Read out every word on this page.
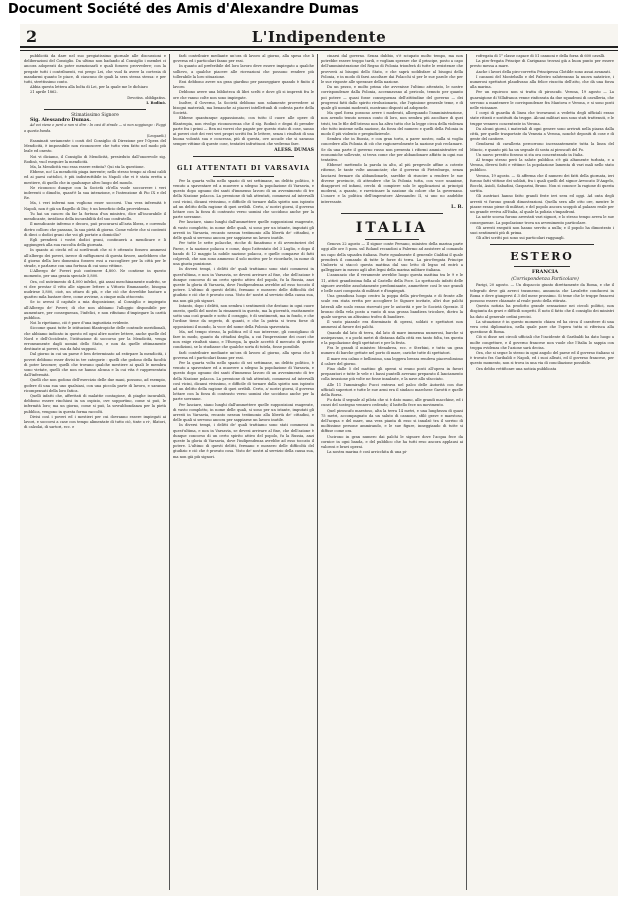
Document Société des Amis d'Alexandre Dumas
2	L'Indipendente

pubblicità da dare nel suo pregiatissimo giornale alle discussioni e deliberazioni del Consiglio. Da ultimo non badando al Consiglio i membri ci ancora adoperati da poter menzionarli e quali fossero provvedere; con la pregate tutti i contribuenti, voi prego Lei, che vuol fa avere la cortesia di mandarmi quanto le piace, di ciascuno de quali la sera stessa stessa: e per tutti, strettissimo conto.

Abbia questa lettera alla bolta di Lei, per la quale me le dichiaro

21 aprile 1862.

Devotiss. obbligatiss.

I. Rodinò.

Stimatissimo Signore

Sig. Alessandro Dumas.

Ad voi viene e però a non vi dire : In casi di strada — si non soggiungo : Fuggi a questa banda.

(Leopardi.)

Esaminati seriamente i conti del Consiglio di Direzione per l'Opera del Mendicità, è impossibile non riconoscere che tutto vien fatto nel modo più leale ed onesto.

Noi vi diciamo, il Consiglio di Mendicità, presieduto dall'onorevole sig. Rodinò, vuol eseguire la mendicità.

Ma, la Mendicità vuo essa essere estinta? Qui sta la questione.

Ebbene, no! La mendicità piaga inerente; nello stesso tempo ai climi caldi ed ai paesi cattolici, è più indistruttibile in Napoli che vi è stata eretta a mestiere, di quello che in qualunque altro luogo del mondo.

Ne riconosco dunque con la Società ch'ella vuole soccorrere i veri indeventi o dimolto, quant'è la sua intenzione, e l'intenzione di Pio IX e del Re.

Ma, i veri infermi non vogliono esser soccorsi. Una vera infermità è Napoli, non è già un flagello di Dio; è un beneficio della provvidenza.

Tu hai un cancro da far la fortuna d'un ministro, dice all'incurabile il mendicante, invidioso della incurabilità del suo confratello.

Il mendicante infermo e decoro, può procurarsi all'aria libera, e correndo dietro colloro che passano, la sua pietà di giorno. Come volete che si contenti di dieci o dodici grani che voi gli portate a domicilio?

Egli prenderà i vostri dodici grani, continuerà a mendicare e li aggiungerà alla sua raccolta della giornata.

In quanto ai ciechi ed ai sordi-muti che si è ottenuto fossero ammessi all'albergo dei poveri, invece di raffigurarsi di questa favore, anelebbero che il giorno della loro domenica fossero essi a raccogliere per la città per le strade, e parlarne con una fortuna di cui sono vittime.

L'Albergo de' Poveri può contenere 4,800. Ne contiene in questo momento, per una grazia speciale 5,800.

Ora, col nutrimento di 4,000 infelici, già assai meschinamente nudrito, se vi dee prestar il vitto alle signore lettere a Vittorio Emmanuele, bisogna nudrirne 5,800, cioè, un ottavo di più, e che ciò che dovrebbe bastare a quattro mila bastare deve, come avviene, a cinque mila ottocento.

Se io avessi il capitale a mia disposizione, al Consiglio e impiegato all'Albergo de' Poveri; di che non abbiamo l'alloggio disponibile per aumentare, per conseguenza, l'infelici, e non rifiutano d'impiegare la carità pubblica.

Noi lo ripetiamo, ciò è pure d'una ingiustizia evidente.

Siccome quasi tutte le istituzioni filantropiche delle contrade meridionali, che abbiamo indicato in questo ed ogni altre nostre lettere, anche quelle del Nord e dell'Occidente, l'istituzione di soccorso per la Mendicità, venga erroneamente dagli uomini dello Stato, e non da quelle ottimamente destinate ai poveri, ma da falsi supponi.

Dal giorno in cui un paese è ben determinato ad estirpare la mendicità, i poveri debbono esser divisi in tre categorie : quelli che godono della facoltà di poter lavorare; quelli che trovano qualche mestiere ai quali le membra sono vietate, quelli che non ne hanno alcuna e la cui vita è rappresentata dall'infermità.

Quelli che non godono dell'esercizio delle due mani, possono, ad esempio, godere di una sua uno qualsiasi, con una piccola parte di lavoro, e saranno ricompensati della loro fatica.

Quelli infatti che, affrettati di malattie contagiose, di piaghe incurabili, debbono essere rinchiusi in un ospizio, ove sopportino, come si può, le infermità loro; ma un giorno, come si può, la sovrabbondanza per la pietà pubblica, vengono in questa forma raccolti.

Divisi così i poveri ed i mestieri per cui dovranno essere impiegati ai lavori, e soccorsi a case con tempo alimentate di tutto ciò, tinte o ri-, filatori, di calzolai, di sartori, ecc. e

farli contribuire mediante un'ora di lavoro al giorno, alla spesa che li governa ed i particolari fanno per essi.

In quanto ad preferibile del loro lavoro deve essere impiegato a qualche sollievo, a qualche piacere alle ricreazioni che possono rendere più tollerabile la loro situazione.

Essi debbono avere un gran giardino per passeggiare quando è finito il lavoro.

Debbono avere una biblioteca di libri scelti e dove gli si impresti fra le ore che vanno colte non sono impiegate.

Inoltre, il Governo, la Società debbono non solamente provvedere ai bisogni materiali, ma benanche ai piaceri intellettuali di codesta parte della Società.

Ebbene quantunque appassionato, con tutto il cuore alle opere di filantropia, non rivolgo riconoscenza che il sig. Rodinò e degni di prender parte fra i primi — Ben mi vorrei che pagate per questo stato di cose, sanno ai poveri cioè dei veri veri propri scritti fra le lettere, senza i risultati di una buona volontà sua e concessa, più di questa, ove accade che si saranno sempre vittime di queste cose, tentativi infruttuosi che vedremo fare.

ALESS. DUMAS

GLI ATTENTATI DI VARSAVIA

Per la quarta volta nello spazio di sei settimane, un delitto politico, è venuto a spaventare ed a muovere a sdegno la popolazione di Varsavia, e questo dopo ognuno dei santi d'immenso lavoro di un avvenimento di tre della Nazione polacca. La pressione di tali attentati, commessi ad intervalli così vicini, dicansi vivissimo, e difficile di tornare dalla spirito non ispirato ad un delitto della ragione di quei orribili. Certo, a' nostri giorni, il governo lottare con la forza di contrasto verso uomini che uccidono anche per la parte sovranne.

Per lasciare, siano lunghi dall'ammettere quelle supposizioni esagerate, di vasto complotto, in nome delle quali, si sono per un istante, imputati gli arresti in Varsavia, recanto nessun testimonio alla libertà de' cittadini, e delle quali si servono ancora per sappiarne un lavoro inutile.

Per tutte le sette polacche, ricche di fanatismo e di avventurieri del Paese, e la nazione polacca e come, dopo l'attentato del 3 Luglio, e dopo il bando di 12 maggio la nobile nazione polacca, e quelle comparse di fatti colpevoli, che non sono ammesso il solo motivo per le ricordarle, in nome di una giusta punizione.

In diversi tempi, i delitti de' quali trattiamo sono stati commessi in quest'ultima, e non in Varsavia, se devesi arrivare al fine, che dell'azione è dunque concorso di un certo spirito attivo del popolo, fu la Russia, anzi queste la gloria di Varsavia, dove l'indipendenza avrebbe ad esso toccato il potere. L'ultimo di questi delitti, fermano e mossero delle difficoltà del giudizio e ciò che è provato cosa. Visto de' nostri al servizio della causa sua, ma non già più signori.

Intanto, dopo i delitti, non sembra i sentimenti che destano in ogni cuore onesto, quelli del nostro la rimanenti in questo, ma la gioventù, esattamente sotto una così grande e sotto il coraggio, è di sentimenti, ma in fondo, e che l'ordine tiene da segreto, di quanti, e che la patria si trova forse di opposizioni il mondo, la voce del nome della Polonia spaventata.

Ma, nel tempo stesso, la politica ed il suo interesse, gli consigliano di fare in modo, quanto da cittadini deglia, a cui l'impressione dei cuori che non esige risultati siano, e l'Europa, la quale accettò il mercato di queste condizioni, se lo studiasse che qualche sorta di tutela, fosse possibile.

farli contribuire mediante un'ora di lavoro al giorno, alla spesa che li governa ed i particolari fanno per essi.

Per la quarta volta nello spazio di sei settimane, un delitto politico, è venuto a spaventare ed a muovere a sdegno la popolazione di Varsavia, e questo dopo ognuno dei santi d'immenso lavoro di un avvenimento di tre della Nazione polacca. La pressione di tali attentati, commessi ad intervalli così vicini, dicansi vivissimo, e difficile di tornare dalla spirito non ispirato ad un delitto della ragione di quei orribili. Certo, a' nostri giorni, il governo lottare con la forza di contrasto verso uomini che uccidono anche per la parte sovranne.

Per lasciare, siano lunghi dall'ammettere quelle supposizioni esagerate, di vasto complotto, in nome delle quali, si sono per un istante, imputati gli arresti in Varsavia, recanto nessun testimonio alla libertà de' cittadini, e delle quali si servono ancora per sappiarne un lavoro inutile.

In diversi tempi, i delitti de' quali trattiamo sono stati commessi in quest'ultima, e non in Varsavia, se devesi arrivare al fine, che dell'azione è dunque concorso di un certo spirito attivo del popolo, fu la Russia, anzi queste la gloria di Varsavia, dove l'indipendenza avrebbe ad esso toccato il potere. L'ultimo di questi delitti, fermano e mossero delle difficoltà del giudizio e ciò che è provato cosa. Visto de' nostri al servizio della causa sua, ma non già più signori.

cinarsi dal governo. Senza dubbio, s'è sciupato molto tempo, ma non potrebbe essere troppo tardi, e vogliam sperare che il principe, posto a capo dell'amministrazione del Regno di Polonia trionferà di tutte le resistenze che provverà ai bisogni dello Stato, e che saprà soddisfare al bisogni della Polonia, e in modo di farsi ascoltare dai Polacchi sì per le sue parole che per le sue risposte alle speranze della nazione.

Da un pezzo, e molto prima che avvenisse l'ultimo attentato, le nostre corrispondenze dalla Polonia, accennavano al pericolo, temuto per quanto poi potere — quasi fosse conseguenza dell'attitudine del governo — dei progressi fatti dallo spirito rivoluzionario, che l'opinione generale teme, e di quale gli uomini moderati, mostrano disposti ad adoprarle.

Ma quel forza possono avere i moderati, allorquando l'amministrazione, non avendo tenuto nessun conto di loro, non sembra più ascoltare di quei tristi, tra le file dell'istesso non ha altro tutto che la legge cieca della violenza che tutto insieme nella nazione, da forza del numero e quelli della Polonia in modo il più violento e pregiudizievole.

Sembra che in Russia, e con gran torto, a parer nostro, nulla si voglia concedere alla Polonia di ciò che ragionevolmente la nazione può reclamare. Se da una parte il governo russo non presenta i riformi amministrative ed economiche sollevate, si trova come che per abbandonare affatto in ogni suo tentativo.

Ebbene! mettendo la parola in alto, al più pregevole affine a coteste riforme, le tante volte annunciate; che il governo di Pietroburgo, senza lasciarsi fermare da abbandonarle, sarebbe di riuscire a rendere le sue diverse provincie, di attendere che la Polonia tutta, con voce unanime, disapprovi ed infami, cerchi di compiere solo le applicazioni ai principii moderni, a quanto, e ravvicinare la nazione da colore che la governano. L'onore e la politica dell'imperatore Alessandro II, si uno no andebbe interessate.

L. B.

ITALIA

Genova 22 agosto — Il signor conte Persano, ministro della marina parte oggi alle ore 5 pom. sul Roland recandosi a Palermo ad assistere al comando un capo della squadra italiana. Parte egualmente il generale Cialdini il quale prenderà il comando di tutte le forze di terra. La piro-fregata Principe Umberto si staccò questa mattina dal suo letto di legno ed entrò a galleggiare in mezzo agli altri legni della marina militare italiana.

L'annunzio che il veramente avrebbe luogo questa mattina tra le 9 e le 11, attirò grandissima folla al Castello della Foce. Lo spettacolo infatti delle signore avrebbe assolutamente predominante, ammettere così le sue grandi e belle navi composta di militari e d'impiegati.

Una grandiosa luogo centro la poppa della piro-fregata e di fronte alle scale era stata eretta per accogliere le Signore invitate, altri due palchi laterali alle scalo erano riservati per le autorità e per le Società Operaie. Il bronzo della vela posto a vanto di una grossa bandiera tricolore, dietro la quale sorgeva un altissimo trofeo di bandiere.

Il vasto piazzale era diseminato di operai, soldati e spettatori non ammessi al favore dei palchi.

Quando dal lato di terra, dal lato di mare immensa numerosi, barche si assiepavano, e a pochi metri di distanza dalla città era tanto folta, tra questa e la popolazione degli spettatori e per la festa.

Fra le grandi il ministro Menabrea, ecc. e Sterbini, e tutto un gran numero di barche gettate nel porto di mare, cariche tutte di spettatori.

Il mare era calmo e bellissimo, una leggera brezza rendeva piacevolissimo il calore del giorno.

Fino dalle 5 del mattino gli operai si erano posti all'opera in favori preparatori e tutte le vele e i bassi puntelli avevano preparato il lanciamento colla invasione più volte ne fosse innalzate, e la nave allo sfacciato.

Alle 11 l'ammiraglio Pucci entrava nel palco delle Autorità con due ufficiali superiori e tutte le sue armi era il sindaco marchese Gavotti e quelle della Borsa.

Fu data il segnale al pilota che si è dato mano, alle grandi macchine, ed i cunei del sostegno vennero cedendo; il battello fece un movimento.

Quel piroscafo maestoso, alta la terra 14 metri, e una lunghezza di quasi 75 metri, accompagnato da un saluto di cannone, sfilò grave e maestoso, dell'acqua e del mare, una vera pianta di esso si innalzò tra il sorriso di moltissime persone ammirando, e le sue figure, inneggiando di tutte si diffuse come ora.

Uscirono in gran numero dai palchi le signore dove l'acqua fece da cornice in ogni banda, e del pubblico che ha tutti reso ancora applausi ai valorosi e bravi operai.

La nostra marina è così arricchita di una pi-

rofregata di 1° classe capace di 51 cannoni e della forza di 600 cavalli.

La piro-fregata Principe di Carignano trovasi già a buon punto per essere presto messa a mare.

Anche i lavori della piro-corvetta Principessa Clotilde sono assai avanzati.

I cannoni del Monteballo e del Palestro saluteranno la nuova natatrice, i numerosi spettatori plaudivano alla felice riuscita dell'atto, che dà una forza alla marina.

Per un equivoco non si tratta di piroscafo. Verona, 19 agosto — La guarnigione di Villafranca venne rinforzata da due squadroni di cavalleria, che servono a mantenere le corrispondenze fra Mantova e Verona, e si sono posti nelle vicinanze.

I corpi di guardia di linea che trovavansi a vedetta degli ufficiali erano state ritirati e sostituiti da truppe. Alcuni militari non sono stati trattenuti, e le truppe vennero concentrate in Verona.

Da alcuni giorni, i materiali di ogni genere sono arrivati nella piazza dalla città, per quelle trasportate da Venezia a Verona, nonché depositi di cose e di gente del cantiere.

Gendarmi di cavalleria percorrono incessantemente tutta la linea del Mincio, e quanto più ha un segnale di sosta ai piroscafi del Po.

Un nuovo prestito forzoso si sta ora concentrando in Italia.

Al tempo stesso però la salute pubblica s'è già altamente turbata, e a Verona, diversi fatti e vittime: la popolazione lamenta di vari mali nello stato pubblico.

Verona, 19 agosto. — Si afferma che il numero dei fatti della giornata, ieri furono fatti vittime dei soldati, fra i quali quelli del signor Avvocato D'Angelo, Bocchi, Asioli, Sabadini, Gasparini, Bruno. Non si conosce la ragione di questa sortita.

Gli austriaci hanno fatto grandi feste ieri sera ed oggi. Ad onta degli arresti vi furono grandi dimostrazioni. Quella sera alle otto ore, mentre le piazze erano piene di militari, e del popolo ancora scoppiò al palazzo reale per un grande evviva all'Italia, al quale la polizia s'impadronì.

La notte scorsa furono arrestati vari signori, e lo stesso tempo aveva le sue conseguenze. La popolazione trova un avvenimento particolare.

Gli arresti eseguiti non hanno servito a nulla; e il popolo ha dimostrato i suoi sentimenti più di prima.

Gli altri scritti poi sono sui particolari ragguagli.

ESTERO

FRANCIA

(Corrispondenza Particolare)

Parigi, 20 agosto. — Un dispaccio giunto direttamente da Roma, e che il telegrafo deve già averci trasmesso, annuncia che Lavalette conducesi in Roma e deve giungervi il 3 del mese prossimo. Si teme che le truppe francesi possono essere chiamate al reale posto della ritirata.

Questa notizia ha prodotto grande sensazione nei circoli politici, non disgiunta da gravi e difficili sospetti. È noto il fatto che il consiglio dei ministri ha dato al generale ordini precisi.

La situazione è in questo momento chiara ed ha circa il carattere di una vera crisi diplomatica, nella quale pare che l'opera tutta si riferisca alla questione di Roma.

Ciò si disse nei circoli ufficiali che l'incidente di Garibaldi ha dato luogo a molte congetture, e il governo francese non vuole che l'Italia lo sappia con troppa evidenza che l'azione sarà decisa.

Ora, che si segue lo stesso in ogni angolo del paese ed il governo italiano si è trovato fra Garibaldi e Napoli, ed i suoi alleati, ed il governo francese, per questo momento, non si trova in una via di conciliazione possibile.

Ora debbo rettificare una notizia pubblicata
